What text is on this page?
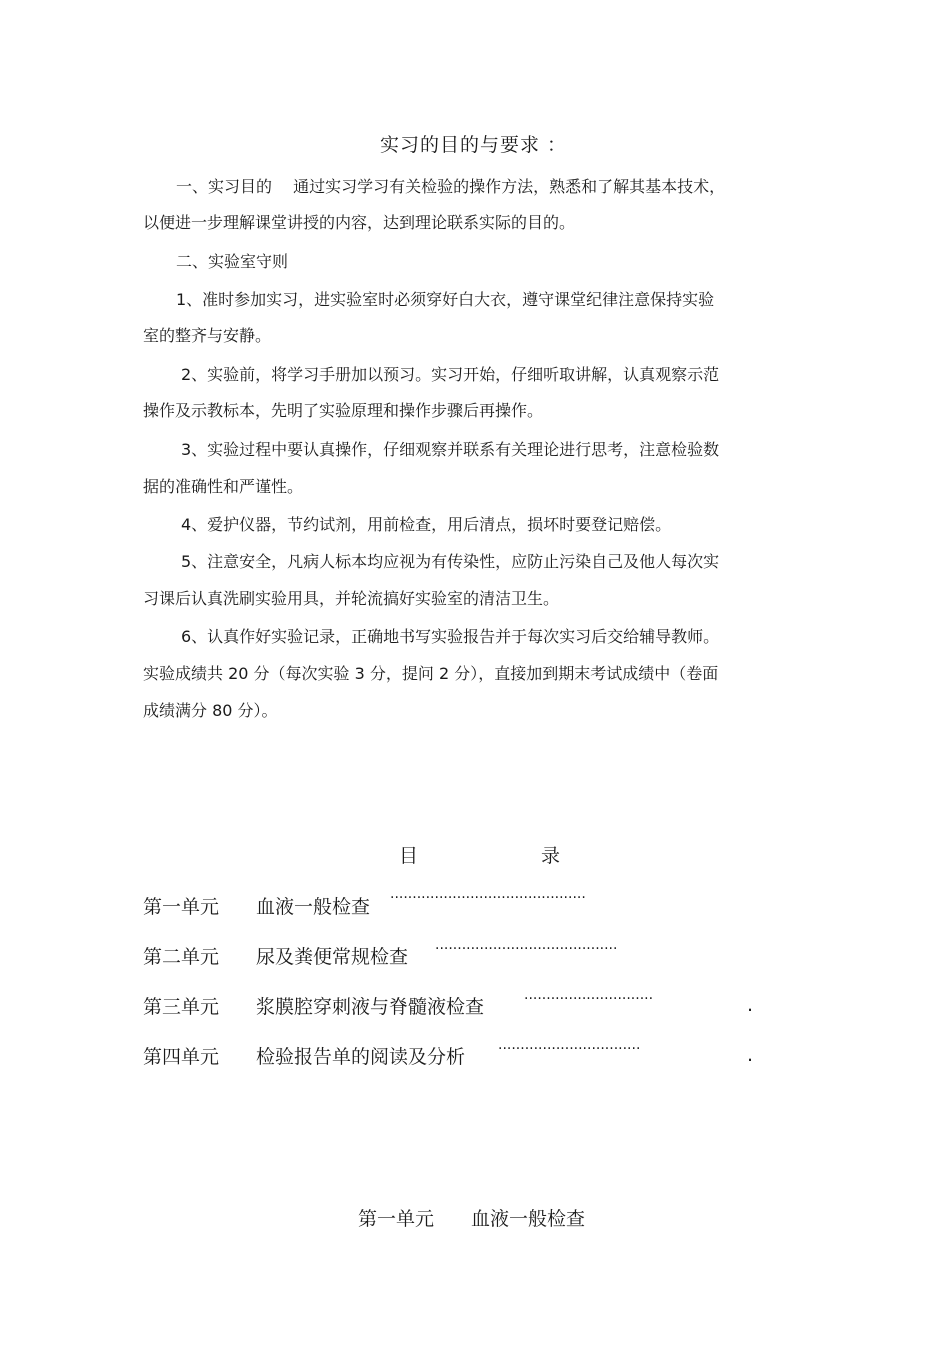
实习的目的与要求 ：
一、实习目的　 通过实习学习有关检验的操作方法，熟悉和了解其基本技术，
以便进一步理解课堂讲授的内容，达到理论联系实际的目的。
二、实验室守则
1、准时参加实习，进实验室时必须穿好白大衣，遵守课堂纪律注意保持实验
室的整齐与安静。
2、实验前，将学习手册加以预习。实习开始，仔细听取讲解，认真观察示范
操作及示教标本，先明了实验原理和操作步骤后再操作。
3、实验过程中要认真操作，仔细观察并联系有关理论进行思考，注意检验数
据的准确性和严谨性。
4、爱护仪器，节约试剂，用前检查，用后清点，损坏时要登记赔偿。
5、注意安全，凡病人标本均应视为有传染性，应防止污染自己及他人每次实
习课后认真洗刷实验用具，并轮流搞好实验室的清洁卫生。
6、认真作好实验记录，正确地书写实验报告并于每次实习后交给辅导教师。
实验成绩共 20 分（每次实验 3 分，提问 2 分），直接加到期末考试成绩中（卷面
成绩满分 80 分）。
目	录
第一单元 血液一般检查 ············································
第二单元 尿及粪便常规检查 ·········································
第三单元 浆膜腔穿刺液与脊髓液检查	·····························	.
第四单元 检验报告单的阅读及分析 ································	.
第一单元 血液一般检查
